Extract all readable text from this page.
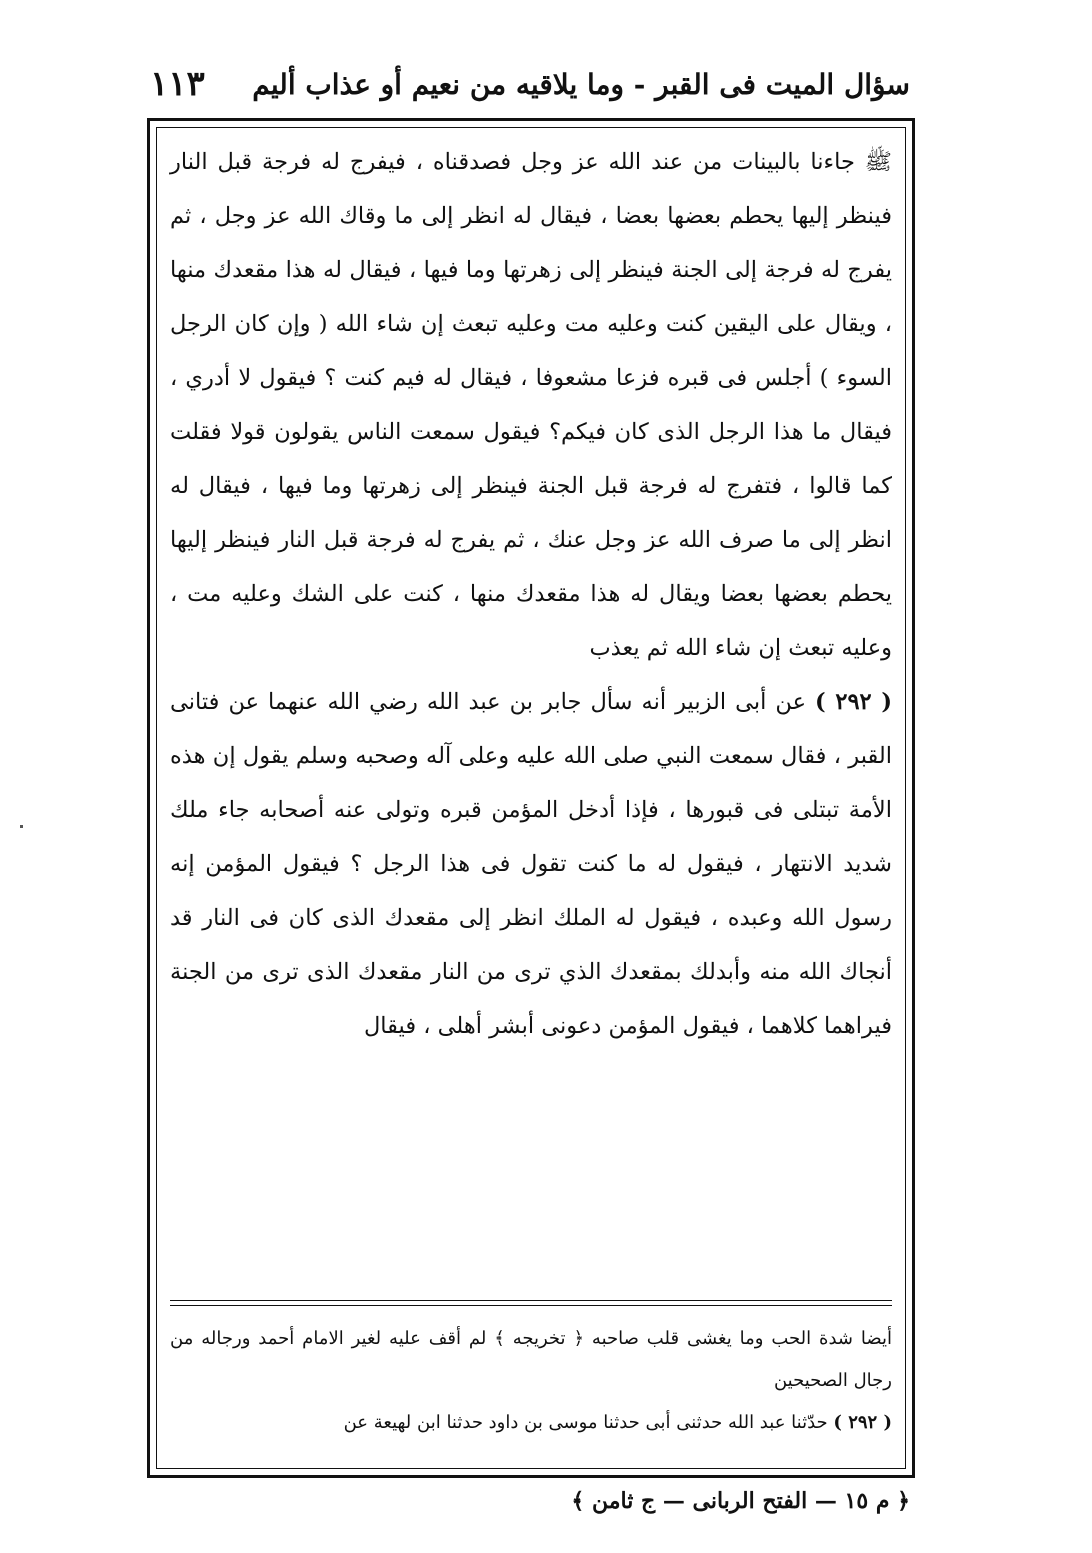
سؤال الميت فى القبر - وما يلاقيه من نعيم أو عذاب أليم
١١٣

ﷺ جاءنا بالبينات من عند الله عز وجل فصدقناه ، فيفرج له فرجة قبل النار فينظر إليها يحطم بعضها بعضا ، فيقال له انظر إلى ما وقاك الله عز وجل ، ثم يفرج له فرجة إلى الجنة فينظر إلى زهرتها وما فيها ، فيقال له هذا مقعدك منها ، ويقال على اليقين كنت وعليه مت وعليه تبعث إن شاء الله ( وإن كان الرجل السوء ) أجلس فى قبره فزعا مشعوفا ، فيقال له فيم كنت ؟ فيقول لا أدري ، فيقال ما هذا الرجل الذى كان فيكم؟ فيقول سمعت الناس يقولون قولا فقلت كما قالوا ، فتفرج له فرجة قبل الجنة فينظر إلى زهرتها وما فيها ، فيقال له انظر إلى ما صرف الله عز وجل عنك ، ثم يفرج له فرجة قبل النار فينظر إليها يحطم بعضها بعضا ويقال له هذا مقعدك منها ، كنت على الشك وعليه مت ، وعليه تبعث إن شاء الله ثم يعذب

( ٢٩٢ ) عن أبى الزبير أنه سأل جابر بن عبد الله رضي الله عنهما عن فتانى القبر ، فقال سمعت النبي صلى الله عليه وعلى آله وصحبه وسلم يقول إن هذه الأمة تبتلى فى قبورها ، فإذا أدخل المؤمن قبره وتولى عنه أصحابه جاء ملك شديد الانتهار ، فيقول له ما كنت تقول فى هذا الرجل ؟ فيقول المؤمن إنه رسول الله وعبده ، فيقول له الملك انظر إلى مقعدك الذى كان فى النار قد أنجاك الله منه وأبدلك بمقعدك الذي ترى من النار مقعدك الذى ترى من الجنة فيراهما كلاهما ، فيقول المؤمن دعونى أبشر أهلى ، فيقال

أيضا شدة الحب وما يغشى قلب صاحبه ﴿ تخريجه ﴾ لم أقف عليه لغير الامام أحمد ورجاله من رجال الصحيحين

( ٢٩٢ ) حدّثنا عبد الله حدثنى أبى حدثنا موسى بن داود حدثنا ابن لهيعة عن

﴿ م ١٥ — الفتح الربانى — ج ثامن ﴾
